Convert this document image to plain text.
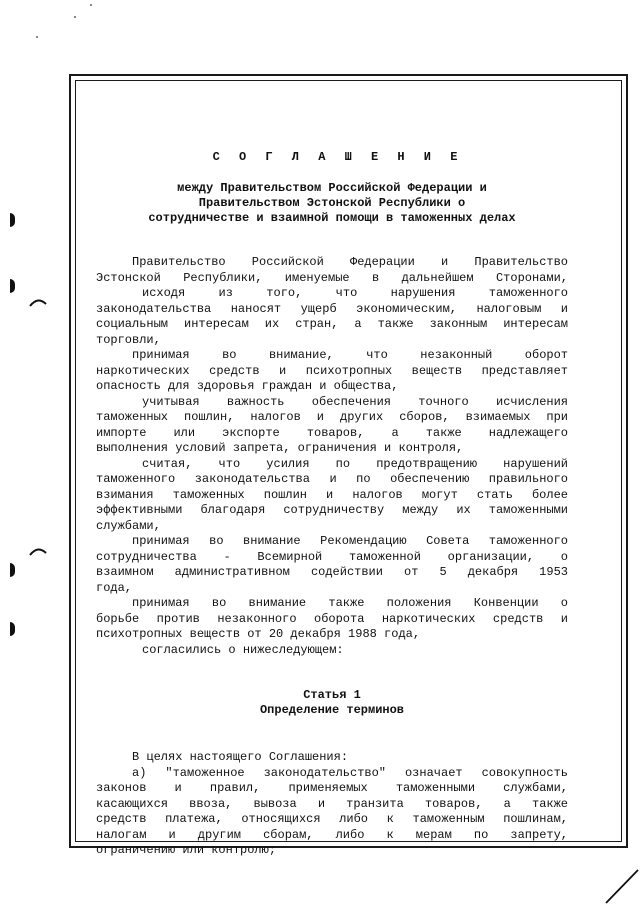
С О Г Л А Ш Е Н И Е
между Правительством Российской Федерации и
Правительством Эстонской Республики о
сотрудничестве и взаимной помощи в таможенных делах
Правительство Российской Федерации и Правительство
Эстонской Республики, именуемые в дальнейшем Сторонами,
исходя из того, что нарушения таможенного
законодательства наносят ущерб экономическим, налоговым и
социальным интересам их стран, а также законным интересам
торговли,
принимая во внимание, что незаконный оборот
наркотических средств и психотропных веществ представляет
опасность для здоровья граждан и общества,
учитывая важность обеспечения точного исчисления
таможенных пошлин, налогов и других сборов, взимаемых при
импорте или экспорте товаров, а также надлежащего
выполнения условий запрета, ограничения и контроля,
считая, что усилия по предотвращению нарушений
таможенного законодательства и по обеспечению правильного
взимания таможенных пошлин и налогов могут стать более
эффективными благодаря сотрудничеству между их таможенными
службами,
принимая во внимание Рекомендацию Совета таможенного
сотрудничества - Всемирной таможенной организации, о
взаимном административном содействии от 5 декабря 1953
года,
принимая во внимание также положения Конвенции о
борьбе против незаконного оборота наркотических средств и
психотропных веществ от 20 декабря 1988 года,
согласились о нижеследующем:
Статья 1
Определение терминов
В целях настоящего Соглашения:
а) "таможенное законодательство" означает совокупность
законов и правил, применяемых таможенными службами,
касающихся ввоза, вывоза и транзита товаров, а также
средств платежа, относящихся либо к таможенным пошлинам,
налогам и другим сборам, либо к мерам по запрету,
ограничению или контролю;
